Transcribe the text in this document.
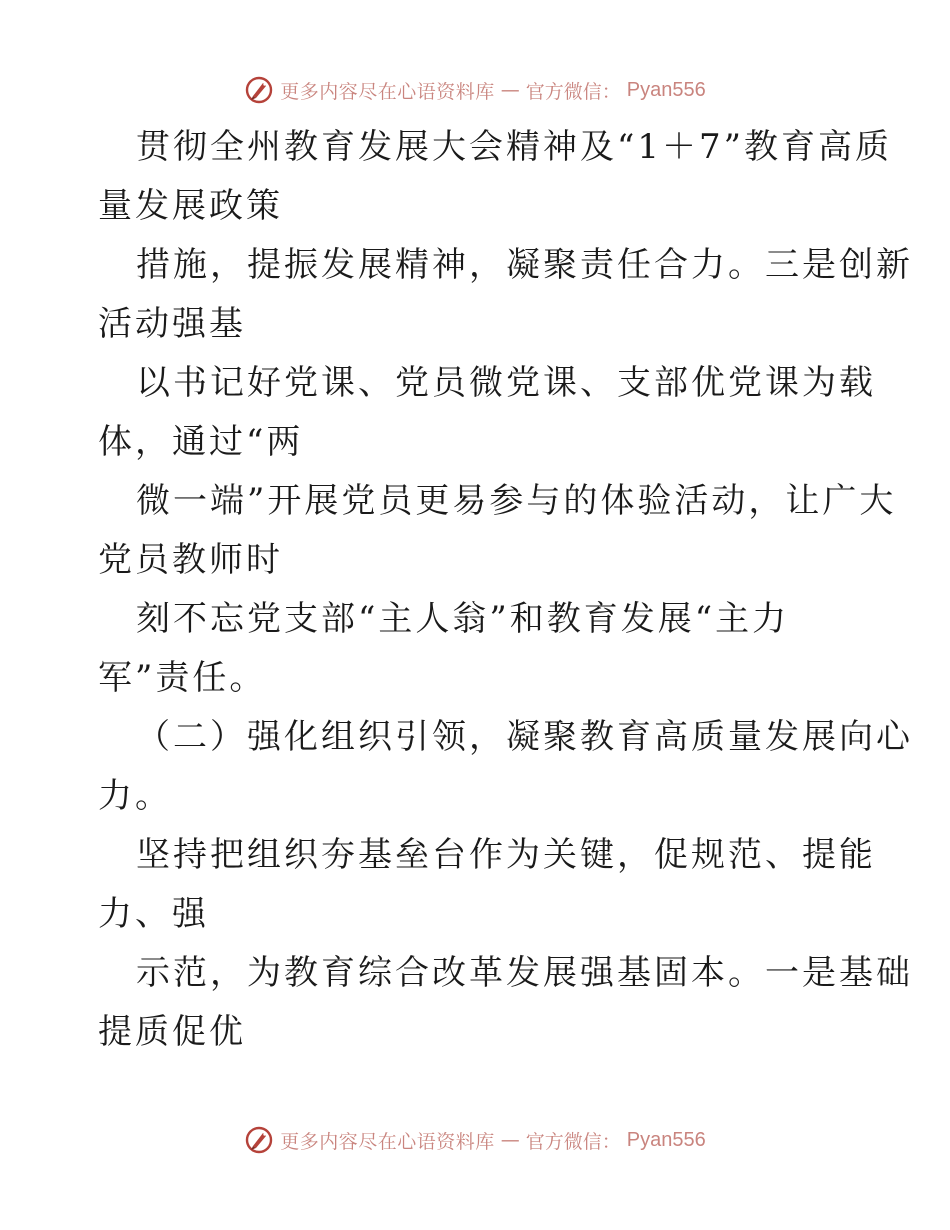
更多内容尽在心语资料库 — 官方微信： Pyan556
贯彻全州教育发展大会精神及“1＋7”教育高质
量发展政策
措施，提振发展精神，凝聚责任合力。三是创新
活动强基
以书记好党课、党员微党课、支部优党课为载
体，通过“两
微一端”开展党员更易参与的体验活动，让广大
党员教师时
刻不忘党支部“主人翁”和教育发展“主力
军”责任。
（二）强化组织引领，凝聚教育高质量发展向心
力。
坚持把组织夯基垒台作为关键，促规范、提能
力、强
示范，为教育综合改革发展强基固本。一是基础
提质促优
更多内容尽在心语资料库 — 官方微信： Pyan556
